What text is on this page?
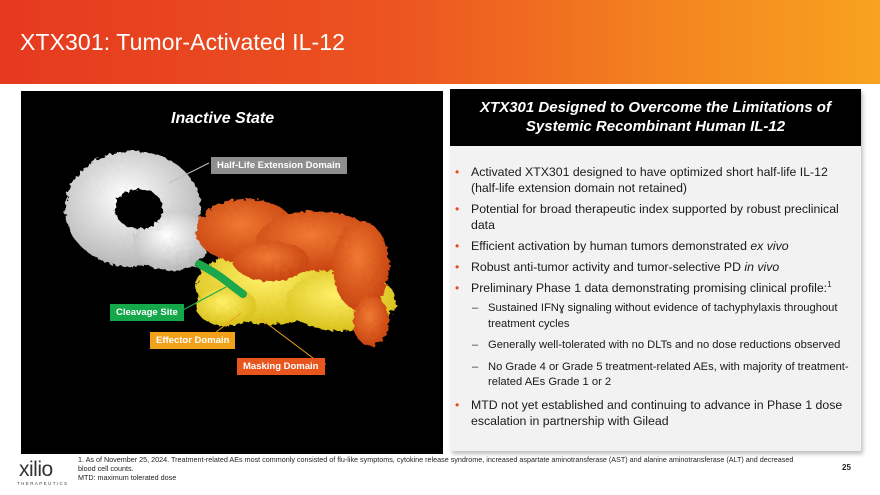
XTX301: Tumor-Activated IL-12
Inactive State
Half-Life Extension Domain
Cleavage Site
Effector Domain
Masking Domain
XTX301 Designed to Overcome the Limitations of
Systemic Recombinant Human IL-12
• Activated XTX301 designed to have optimized short half-life IL-12 (half-life extension domain not retained)
• Potential for broad therapeutic index supported by robust preclinical data
• Efficient activation by human tumors demonstrated ex vivo
• Robust anti-tumor activity and tumor-selective PD in vivo
• Preliminary Phase 1 data demonstrating promising clinical profile:$^1$
– Sustained IFNɣ signaling without evidence of tachyphylaxis throughout treatment cycles
– Generally well-tolerated with no DLTs and no dose reductions observed
– No Grade 4 or Grade 5 treatment-related AEs, with majority of treatment-related AEs Grade 1 or 2
• MTD not yet established and continuing to advance in Phase 1 dose escalation in partnership with Gilead
xilio
THERAPEUTICS
1. As of November 25, 2024. Treatment-related AEs most commonly consisted of flu-like symptoms, cytokine release syndrome, increased aspartate aminotransferase (AST) and alanine aminotransferase (ALT) and decreased blood cell counts.
MTD: maximum tolerated dose
25
